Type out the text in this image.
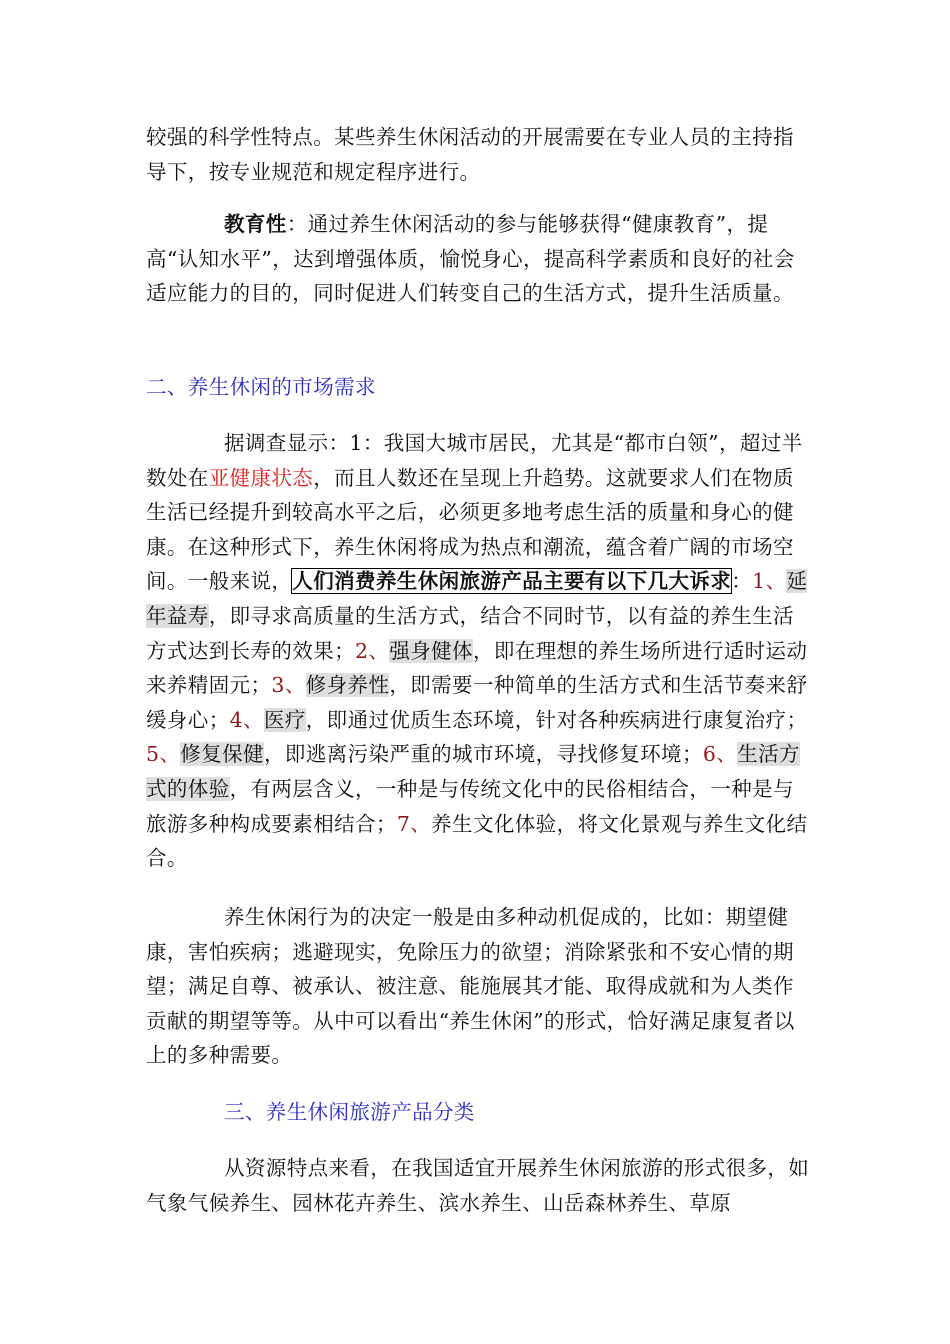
较强的科学性特点。某些养生休闲活动的开展需要在专业人员的主持指导下，按专业规范和规定程序进行。
教育性：通过养生休闲活动的参与能够获得“健康教育”，提高“认知水平”，达到增强体质，愉悦身心，提高科学素质和良好的社会适应能力的目的，同时促进人们转变自己的生活方式，提升生活质量。
二、养生休闲的市场需求
据调查显示：1：我国大城市居民，尤其是“都市白领”，超过半数处在亚健康状态，而且人数还在呈现上升趋势。这就要求人们在物质生活已经提升到较高水平之后，必须更多地考虑生活的质量和身心的健康。在这种形式下，养生休闲将成为热点和潮流，蕴含着广阔的市场空间。一般来说，人们消费养生休闲旅游产品主要有以下几大诉求：1、延年益寿，即寻求高质量的生活方式，结合不同时节，以有益的养生生活方式达到长寿的效果；2、强身健体，即在理想的养生场所进行适时运动来养精固元；3、修身养性，即需要一种简单的生活方式和生活节奏来舒缓身心；4、医疗，即通过优质生态环境，针对各种疾病进行康复治疗；5、修复保健，即逃离污染严重的城市环境，寻找修复环境；6、生活方式的体验，有两层含义，一种是与传统文化中的民俗相结合，一种是与旅游多种构成要素相结合；7、养生文化体验，将文化景观与养生文化结合。
养生休闲行为的决定一般是由多种动机促成的，比如：期望健康，害怕疾病；逃避现实，免除压力的欲望；消除紧张和不安心情的期望；满足自尊、被承认、被注意、能施展其才能、取得成就和为人类作贡献的期望等等。从中可以看出“养生休闲”的形式，恰好满足康复者以上的多种需要。
三、养生休闲旅游产品分类
从资源特点来看，在我国适宜开展养生休闲旅游的形式很多，如气象气候养生、园林花卉养生、滨水养生、山岳森林养生、草原
